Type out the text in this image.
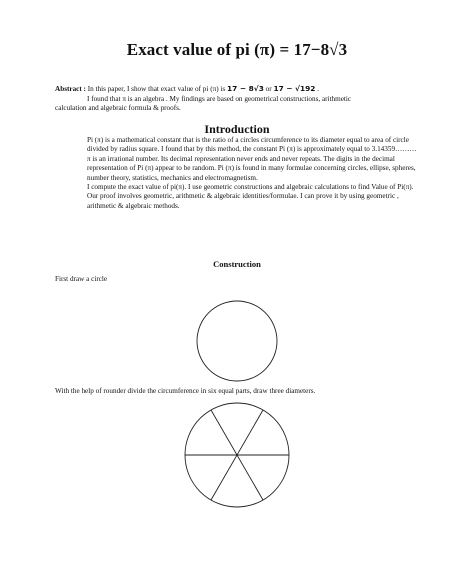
Exact value of pi (π) = 17−8√3
Abstract : In this paper, I show that exact value of pi (π) is 17 − 8√3 or 17 − √192 .
I found that π is an algebra . My findings are based on geometrical constructions, arithmetic
calculation and algebraic formula & proofs.
Introduction

Pi (π) is a mathematical constant that is the ratio of a circles circumference to its diameter equal to area of circle divided by radius square. I found that by this method, the constant Pi (π) is approximately equal to 3.14359………

π is an irrational number. Its decimal representation never ends and never repeats. The digits in the decimal representation of Pi (π) appear to be random. Pi (π) is found in many formulae concerning circles, ellipse, spheres, number theory, statistics, mechanics and electromagnetism.

I compute the exact value of pi(π). I use geometric constructions and algebraic calculations to find Value of Pi(π).

Our proof involves geometric, arithmetic & algebraic identities/formulae. I can prove it by using geometric , arithmetic & algebraic methods.

Construction
First draw a circle
With the help of rounder divide the circumference in six equal parts, draw three diameters.
